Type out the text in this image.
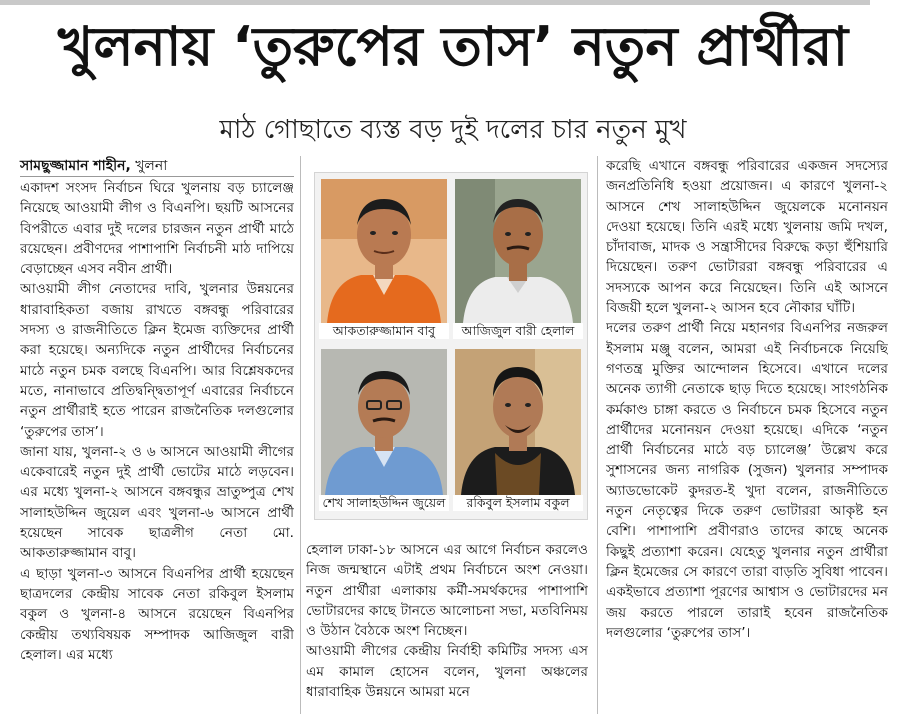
খুলনায় ‘তুরুপের তাস’ নতুন প্রার্থীরা
মাঠ গোছাতে ব্যস্ত বড় দুই দলের চার নতুন মুখ
সামছুজ্জামান শাহীন, খুলনা

একাদশ সংসদ নির্বাচন ঘিরে খুলনায় বড় চ্যালেঞ্জ নিয়েছে আওয়ামী লীগ ও বিএনপি। ছয়টি আসনের বিপরীতে এবার দুই দলের চারজন নতুন প্রার্থী মাঠে রয়েছেন। প্রবীণদের পাশাপাশি নির্বাচনী মাঠ দাপিয়ে বেড়াচ্ছেন এসব নবীন প্রার্থী।

আওয়ামী লীগ নেতাদের দাবি, খুলনার উন্নয়নের ধারাবাহিকতা বজায় রাখতে বঙ্গবন্ধু পরিবারের সদস্য ও রাজনীতিতে ক্লিন ইমেজ ব্যক্তিদের প্রার্থী করা হয়েছে। অন্যদিকে নতুন প্রার্থীদের নির্বাচনের মাঠে নতুন চমক বলছে বিএনপি। আর বিশ্লেষকদের মতে, নানাভাবে প্রতিদ্বন্দ্বিতাপূর্ণ এবারের নির্বাচনে নতুন প্রার্থীরাই হতে পারেন রাজনৈতিক দলগুলোর ‘তুরুপের তাস’।

জানা যায়, খুলনা-২ ও ৬ আসনে আওয়ামী লীগের একেবারেই নতুন দুই প্রার্থী ভোটের মাঠে লড়বেন। এর মধ্যে খুলনা-২ আসনে বঙ্গবন্ধুর ভ্রাতুষ্পুত্র শেখ সালাহউদ্দিন জুয়েল এবং খুলনা-৬ আসনে প্রার্থী হয়েছেন সাবেক ছাত্রলীগ নেতা মো. আকতারুজ্জামান বাবু।

এ ছাড়া খুলনা-৩ আসনে বিএনপির প্রার্থী হয়েছেন ছাত্রদলের কেন্দ্রীয় সাবেক নেতা রকিবুল ইসলাম বকুল ও খুলনা-৪ আসনে রয়েছেন বিএনপির কেন্দ্রীয় তথ্যবিষয়ক সম্পাদক আজিজুল বারী হেলাল। এর মধ্যে

আকতারুজ্জামান বাবু	আজিজুল বারী হেলাল
শেখ সালাহউদ্দিন জুয়েল	রকিবুল ইসলাম বকুল

হেলাল ঢাকা-১৮ আসনে এর আগে নির্বাচন করলেও নিজ জন্মস্থানে এটাই প্রথম নির্বাচনে অংশ নেওয়া। নতুন প্রার্থীরা এলাকায় কর্মী-সমর্থকদের পাশাপাশি ভোটারদের কাছে টানতে আলোচনা সভা, মতবিনিময় ও উঠান বৈঠকে অংশ নিচ্ছেন।

আওয়ামী লীগের কেন্দ্রীয় নির্বাহী কমিটির সদস্য এস এম কামাল হোসেন বলেন, খুলনা অঞ্চলের ধারাবাহিক উন্নয়নে আমরা মনে

করেছি এখানে বঙ্গবন্ধু পরিবারের একজন সদস্যের জনপ্রতিনিধি হওয়া প্রয়োজন। এ কারণে খুলনা-২ আসনে শেখ সালাহউদ্দিন জুয়েলকে মনোনয়ন দেওয়া হয়েছে। তিনি এরই মধ্যে খুলনায় জমি দখল, চাঁদাবাজ, মাদক ও সন্ত্রাসীদের বিরুদ্ধে কড়া হুঁশিয়ারি দিয়েছেন। তরুণ ভোটাররা বঙ্গবন্ধু পরিবারের এ সদস্যকে আপন করে নিয়েছেন। তিনি এই আসনে বিজয়ী হলে খুলনা-২ আসন হবে নৌকার ঘাঁটি।

দলের তরুণ প্রার্থী নিয়ে মহানগর বিএনপির নজরুল ইসলাম মঞ্জু বলেন, আমরা এই নির্বাচনকে নিয়েছি গণতন্ত্র মুক্তির আন্দোলন হিসেবে। এখানে দলের অনেক ত্যাগী নেতাকে ছাড় দিতে হয়েছে। সাংগঠনিক কর্মকাণ্ড চাঙ্গা করতে ও নির্বাচনে চমক হিসেবে নতুন প্রার্থীদের মনোনয়ন দেওয়া হয়েছে। এদিকে ‘নতুন প্রার্থী নির্বাচনের মাঠে বড় চ্যালেঞ্জ’ উল্লেখ করে সুশাসনের জন্য নাগরিক (সুজন) খুলনার সম্পাদক অ্যাডভোকেট কুদরত-ই খুদা বলেন, রাজনীতিতে নতুন নেতৃত্বের দিকে তরুণ ভোটাররা আকৃষ্ট হন বেশি। পাশাপাশি প্রবীণরাও তাদের কাছে অনেক কিছুই প্রত্যাশা করেন। যেহেতু খুলনার নতুন প্রার্থীরা ক্লিন ইমেজের সে কারণে তারা বাড়তি সুবিধা পাবেন। একইভাবে প্রত্যাশা পূরণের আশ্বাস ও ভোটারদের মন জয় করতে পারলে তারাই হবেন রাজনৈতিক দলগুলোর ‘তুরুপের তাস’।
